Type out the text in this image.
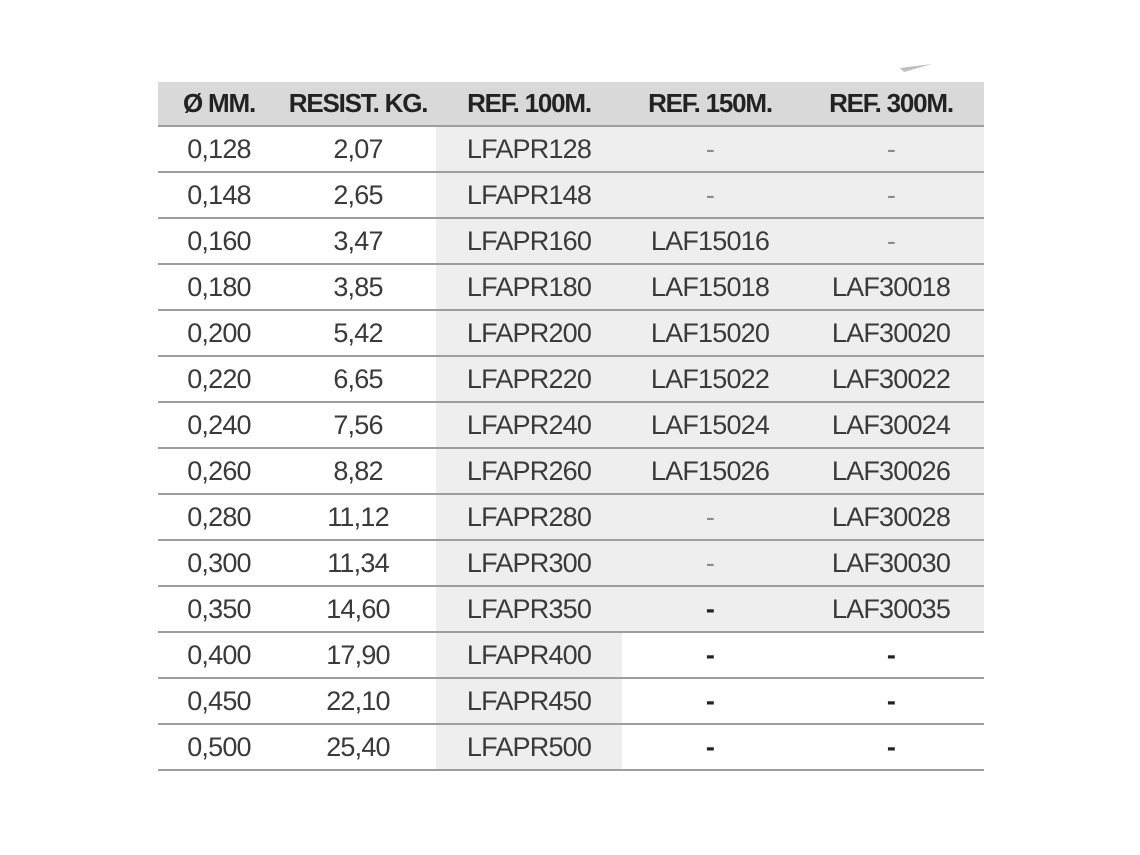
Ø MM.	RESIST. KG.	REF. 100M.	REF. 150M.	REF. 300M.
0,128	2,07	LFAPR128	-	-
0,148	2,65	LFAPR148	-	-
0,160	3,47	LFAPR160	LAF15016	-
0,180	3,85	LFAPR180	LAF15018	LAF30018
0,200	5,42	LFAPR200	LAF15020	LAF30020
0,220	6,65	LFAPR220	LAF15022	LAF30022
0,240	7,56	LFAPR240	LAF15024	LAF30024
0,260	8,82	LFAPR260	LAF15026	LAF30026
0,280	11,12	LFAPR280	-	LAF30028
0,300	11,34	LFAPR300	-	LAF30030
0,350	14,60	LFAPR350	-	LAF30035
0,400	17,90	LFAPR400	-	-
0,450	22,10	LFAPR450	-	-
0,500	25,40	LFAPR500	-	-
